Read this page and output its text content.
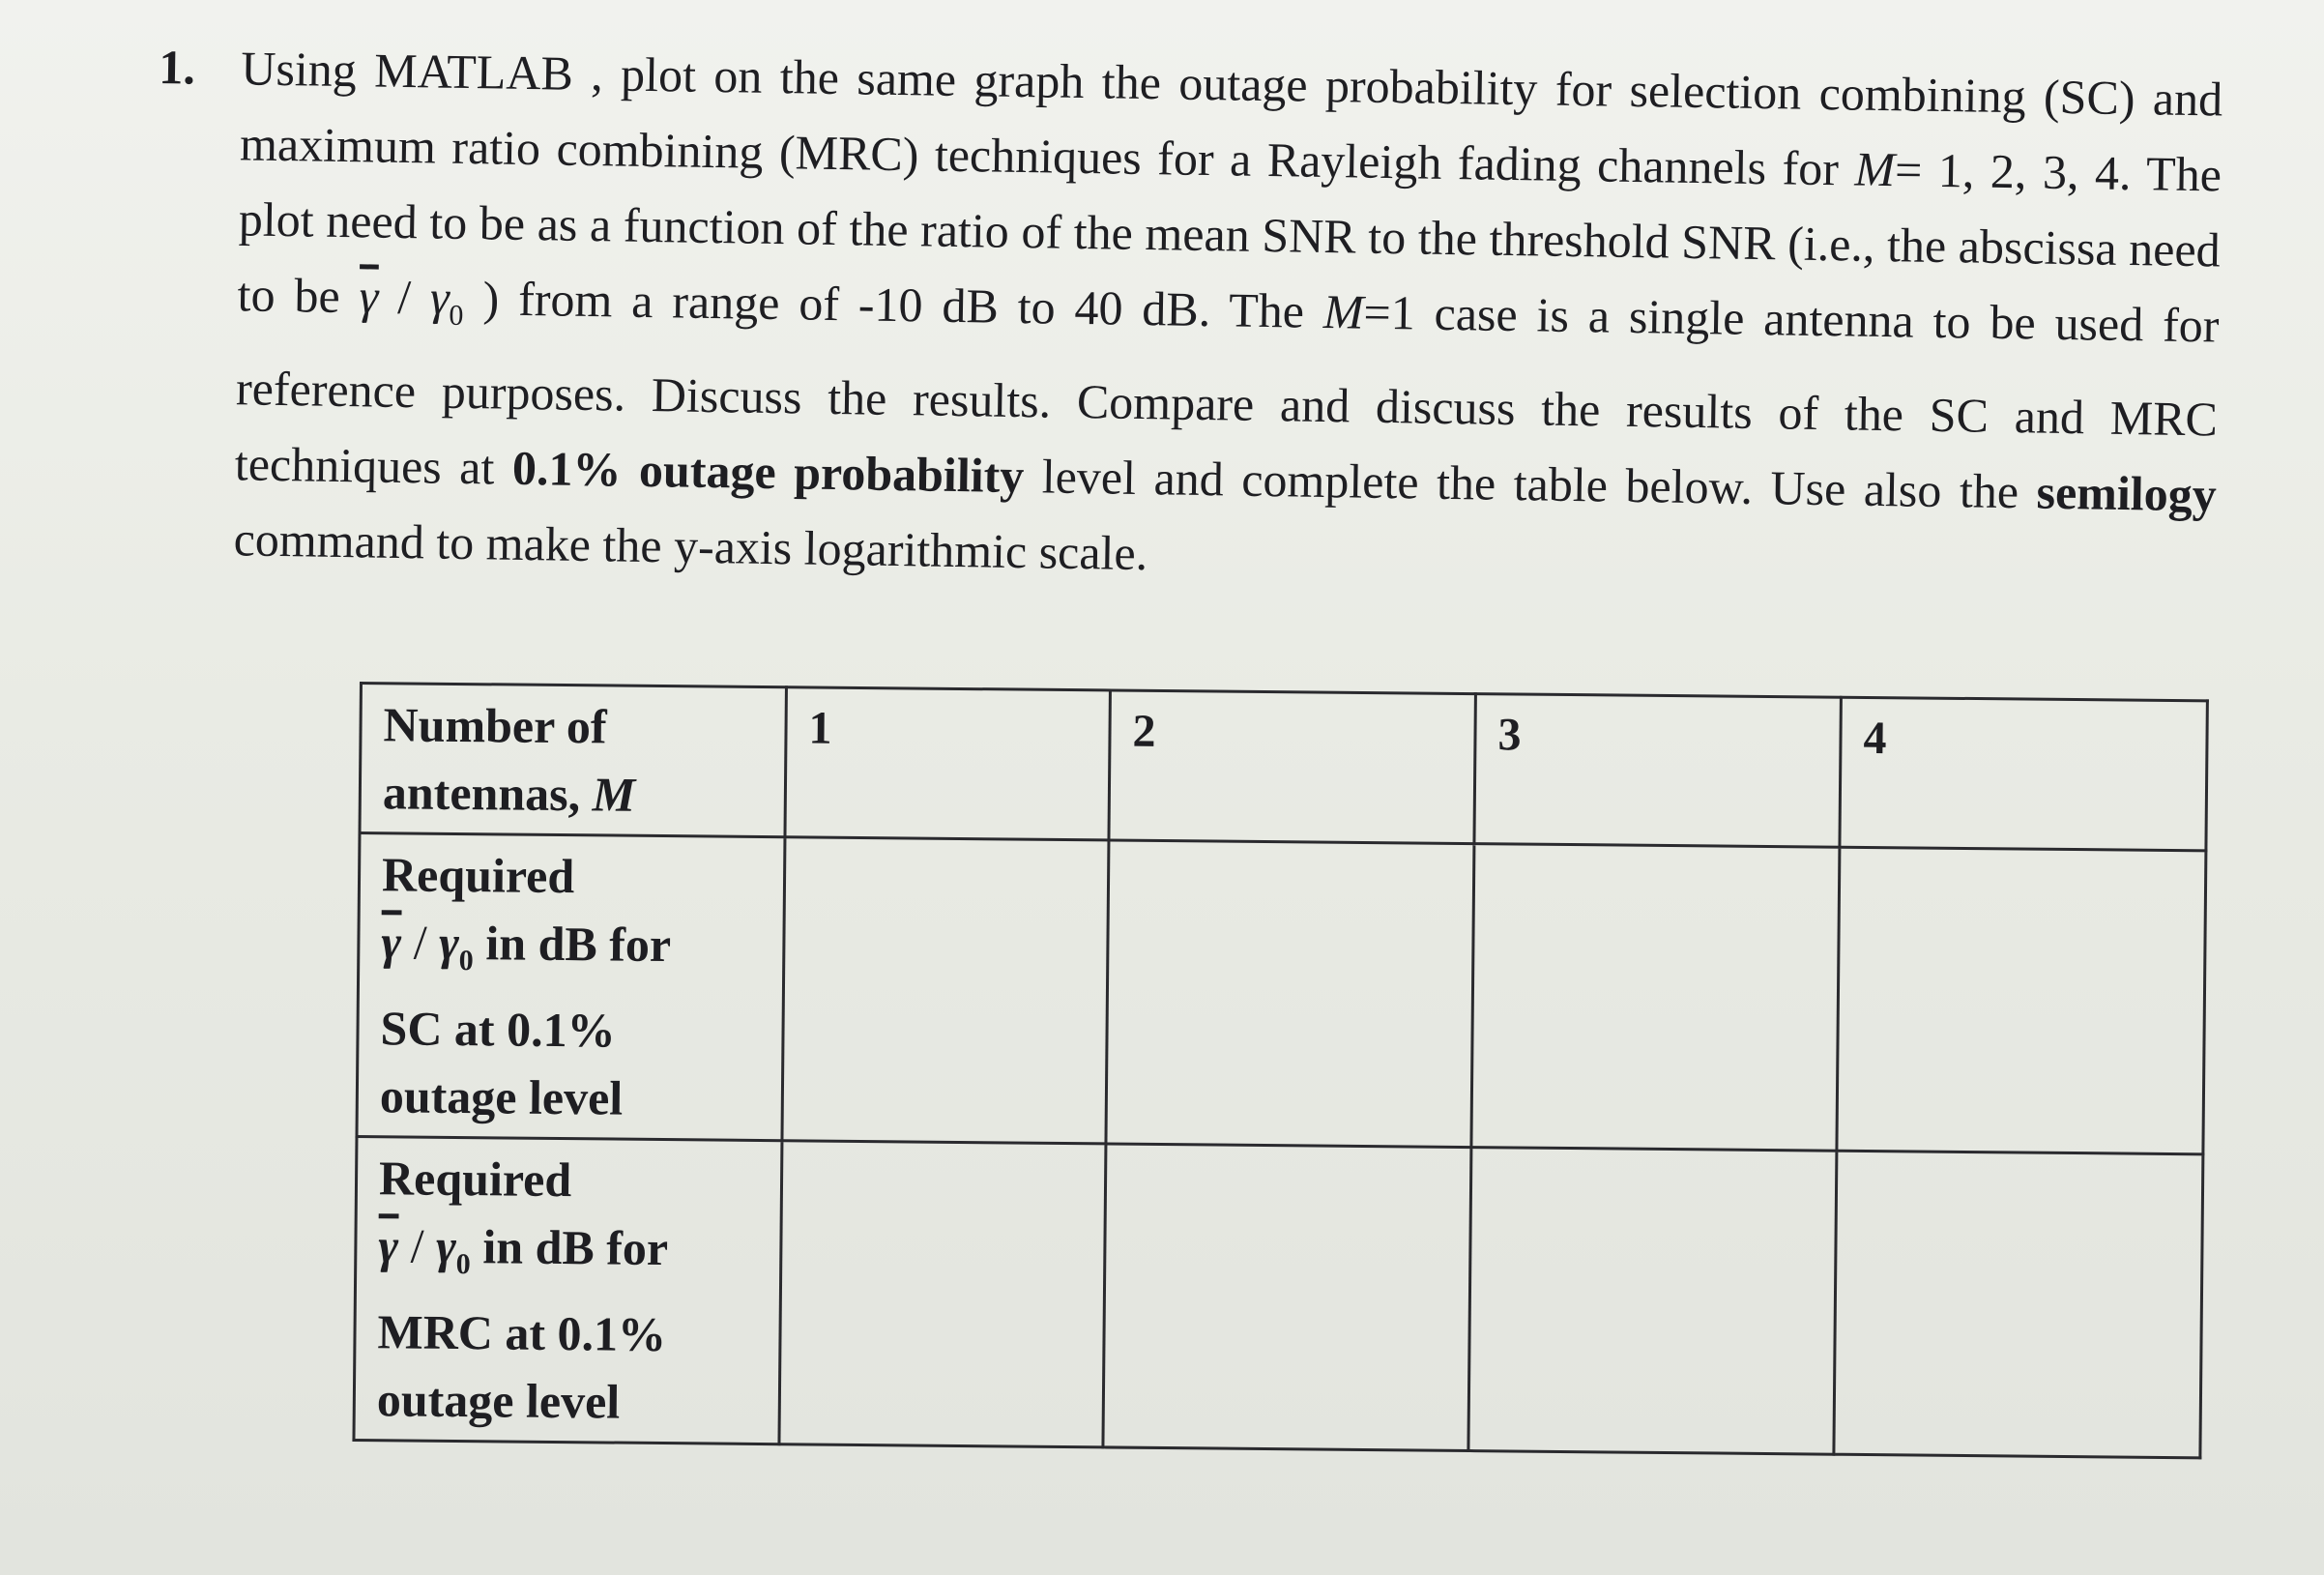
1. Using MATLAB , plot on the same graph the outage probability for selection combining (SC) and maximum ratio combining (MRC) techniques for a Rayleigh fading channels for M= 1, 2, 3, 4. The plot need to be as a function of the ratio of the mean SNR to the threshold SNR (i.e., the abscissa need to be $\overline{\gamma} / \gamma_0$ ) from a range of -10 dB to 40 dB. The M=1 case is a single antenna to be used for reference purposes. Discuss the results. Compare and discuss the results of the SC and MRC techniques at 0.1% outage probability level and complete the table below. Use also the semilogy command to make the y-axis logarithmic scale.
Number of antennas, M	1	2	3	4

Required
$\overline{\gamma} / \gamma_0$ in dB for
SC at 0.1%
outage level				

Required
$\overline{\gamma} / \gamma_0$ in dB for
MRC at 0.1%
outage level				
